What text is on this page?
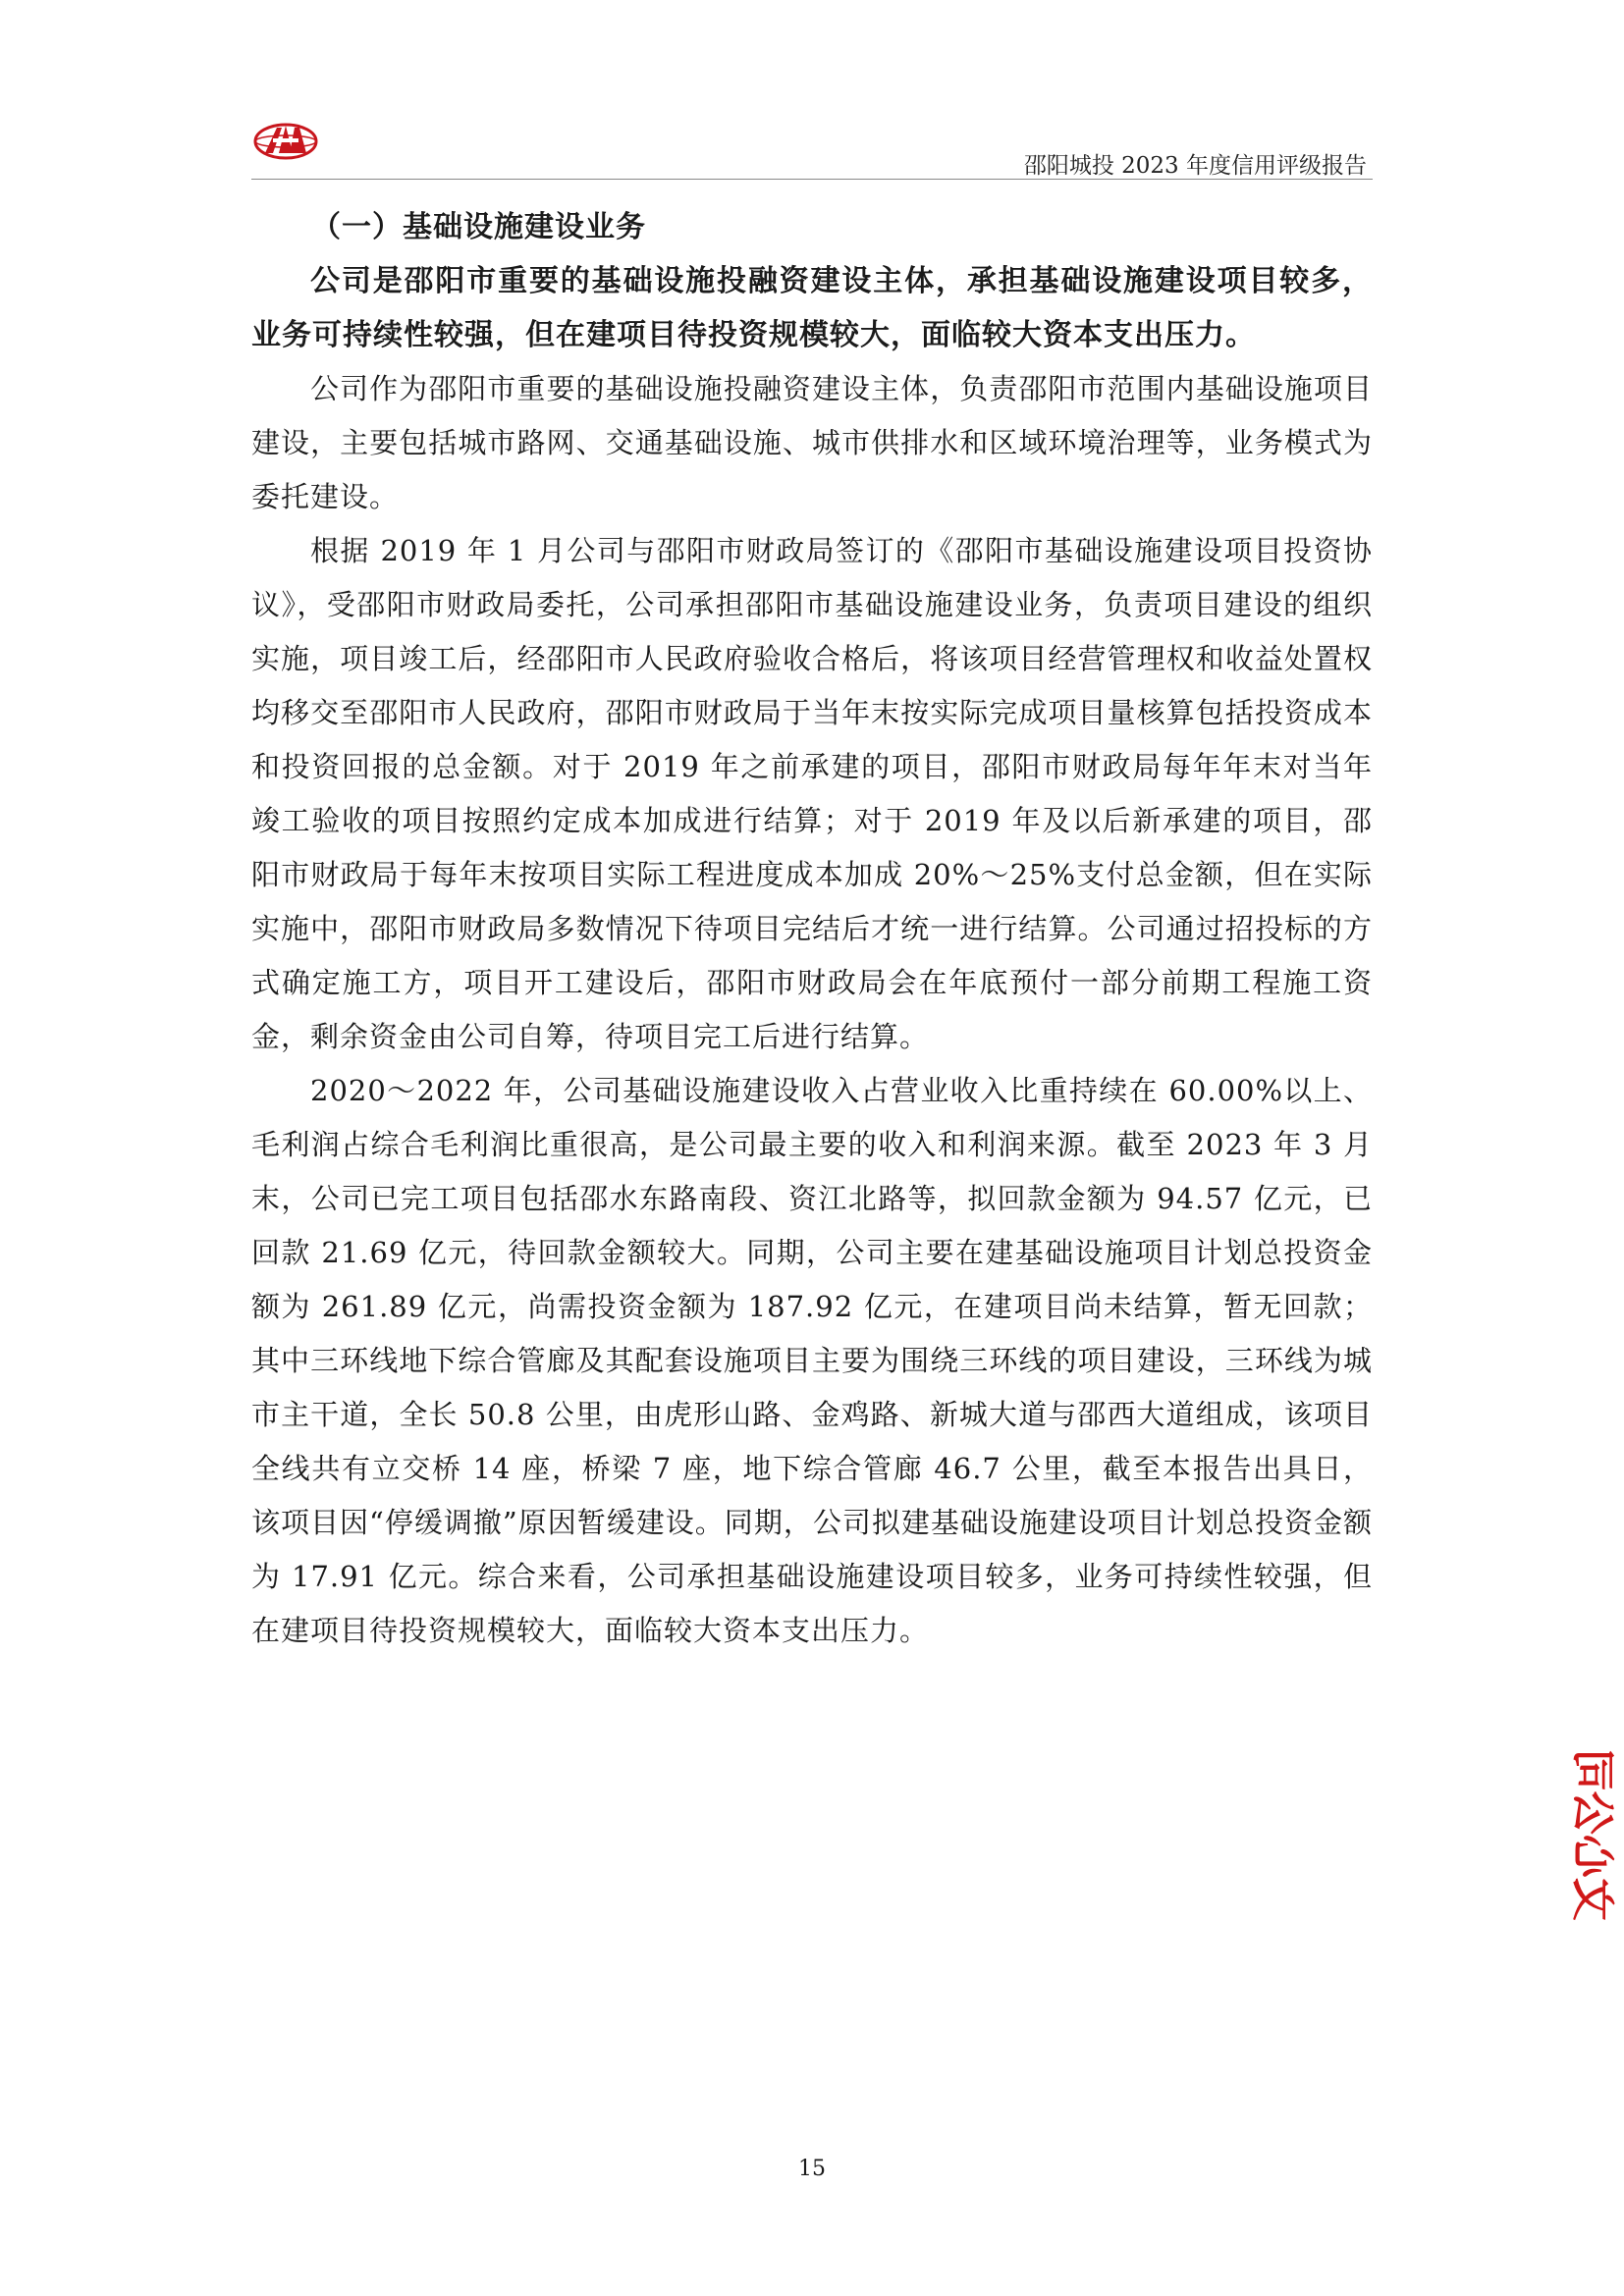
邵阳城投 2023 年度信用评级报告

（一）基础设施建设业务

公司是邵阳市重要的基础设施投融资建设主体，承担基础设施建设项目较多，业务可持续性较强，但在建项目待投资规模较大，面临较大资本支出压力。

公司作为邵阳市重要的基础设施投融资建设主体，负责邵阳市范围内基础设施项目建设，主要包括城市路网、交通基础设施、城市供排水和区域环境治理等，业务模式为委托建设。

根据 2019 年 1 月公司与邵阳市财政局签订的《邵阳市基础设施建设项目投资协议》，受邵阳市财政局委托，公司承担邵阳市基础设施建设业务，负责项目建设的组织实施，项目竣工后，经邵阳市人民政府验收合格后，将该项目经营管理权和收益处置权均移交至邵阳市人民政府，邵阳市财政局于当年末按实际完成项目量核算包括投资成本和投资回报的总金额。对于 2019 年之前承建的项目，邵阳市财政局每年年末对当年竣工验收的项目按照约定成本加成进行结算；对于 2019 年及以后新承建的项目，邵阳市财政局于每年末按项目实际工程进度成本加成 20%～25%支付总金额，但在实际实施中，邵阳市财政局多数情况下待项目完结后才统一进行结算。公司通过招投标的方式确定施工方，项目开工建设后，邵阳市财政局会在年底预付一部分前期工程施工资金，剩余资金由公司自筹，待项目完工后进行结算。

2020～2022 年，公司基础设施建设收入占营业收入比重持续在 60.00%以上、毛利润占综合毛利润比重很高，是公司最主要的收入和利润来源。截至 2023 年 3 月末，公司已完工项目包括邵水东路南段、资江北路等，拟回款金额为 94.57 亿元，已回款 21.69 亿元，待回款金额较大。同期，公司主要在建基础设施项目计划总投资金额为 261.89 亿元，尚需投资金额为 187.92 亿元，在建项目尚未结算，暂无回款；其中三环线地下综合管廊及其配套设施项目主要为围绕三环线的项目建设，三环线为城市主干道，全长 50.8 公里，由虎形山路、金鸡路、新城大道与邵西大道组成，该项目全线共有立交桥 14 座，桥梁 7 座，地下综合管廊 46.7 公里，截至本报告出具日，该项目因“停缓调撤”原因暂缓建设。同期，公司拟建基础设施建设项目计划总投资金额为 17.91 亿元。综合来看，公司承担基础设施建设项目较多，业务可持续性较强，但在建项目待投资规模较大，面临较大资本支出压力。

15
文心公司
